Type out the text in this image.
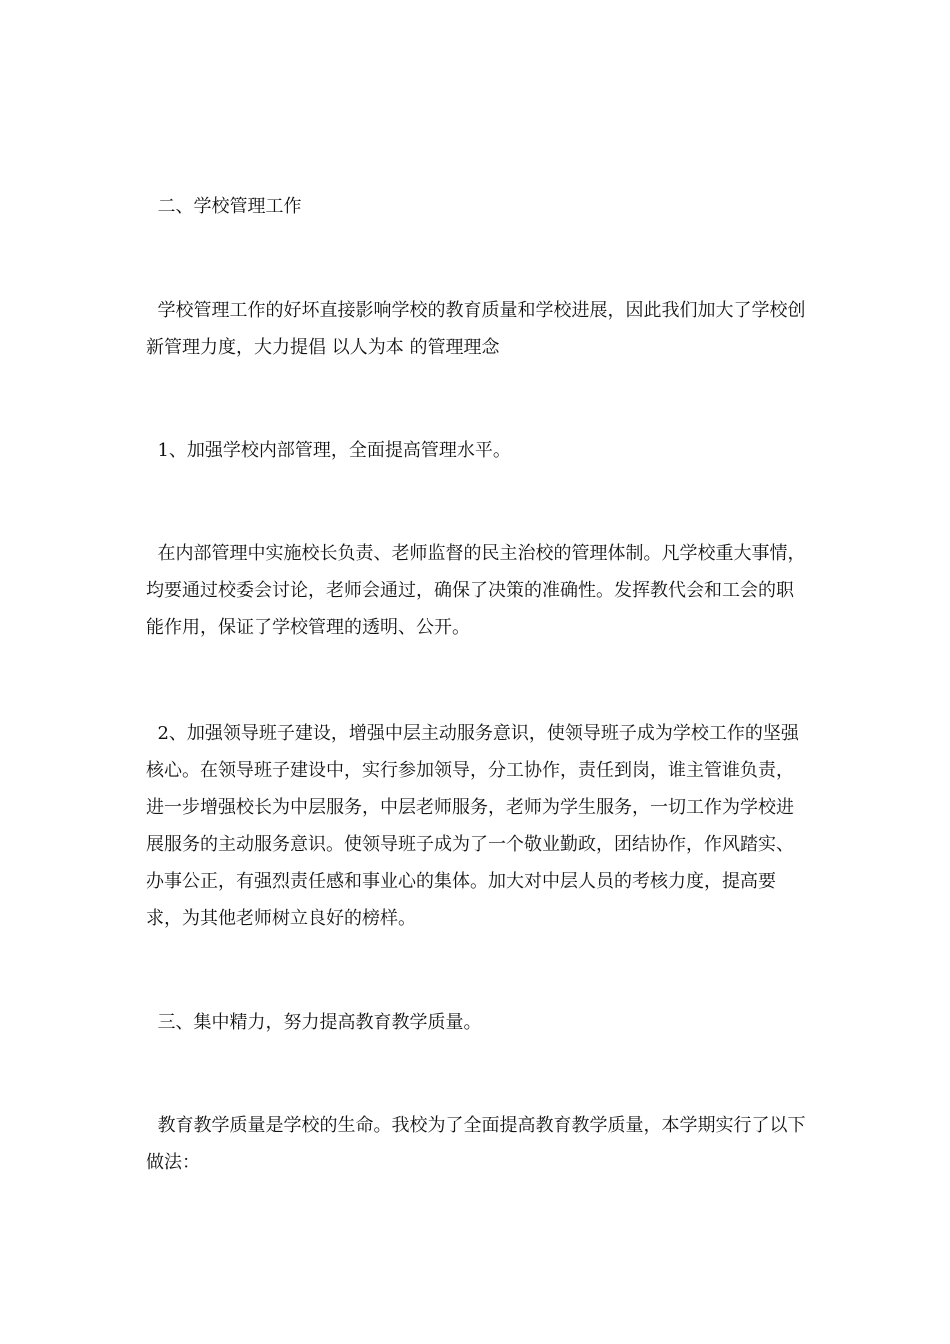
二、学校管理工作

学校管理工作的好坏直接影响学校的教育质量和学校进展，因此我们加大了学校创新管理力度，大力提倡 以人为本 的管理理念

1、加强学校内部管理，全面提高管理水平。

在内部管理中实施校长负责、老师监督的民主治校的管理体制。凡学校重大事情，均要通过校委会讨论，老师会通过，确保了决策的准确性。发挥教代会和工会的职能作用，保证了学校管理的透明、公开。

2、加强领导班子建设，增强中层主动服务意识，使领导班子成为学校工作的坚强核心。在领导班子建设中，实行参加领导，分工协作，责任到岗，谁主管谁负责，进一步增强校长为中层服务，中层老师服务，老师为学生服务，一切工作为学校进展服务的主动服务意识。使领导班子成为了一个敬业勤政，团结协作，作风踏实、办事公正，有强烈责任感和事业心的集体。加大对中层人员的考核力度，提高要求，为其他老师树立良好的榜样。

三、集中精力，努力提高教育教学质量。

教育教学质量是学校的生命。我校为了全面提高教育教学质量，本学期实行了以下做法：
